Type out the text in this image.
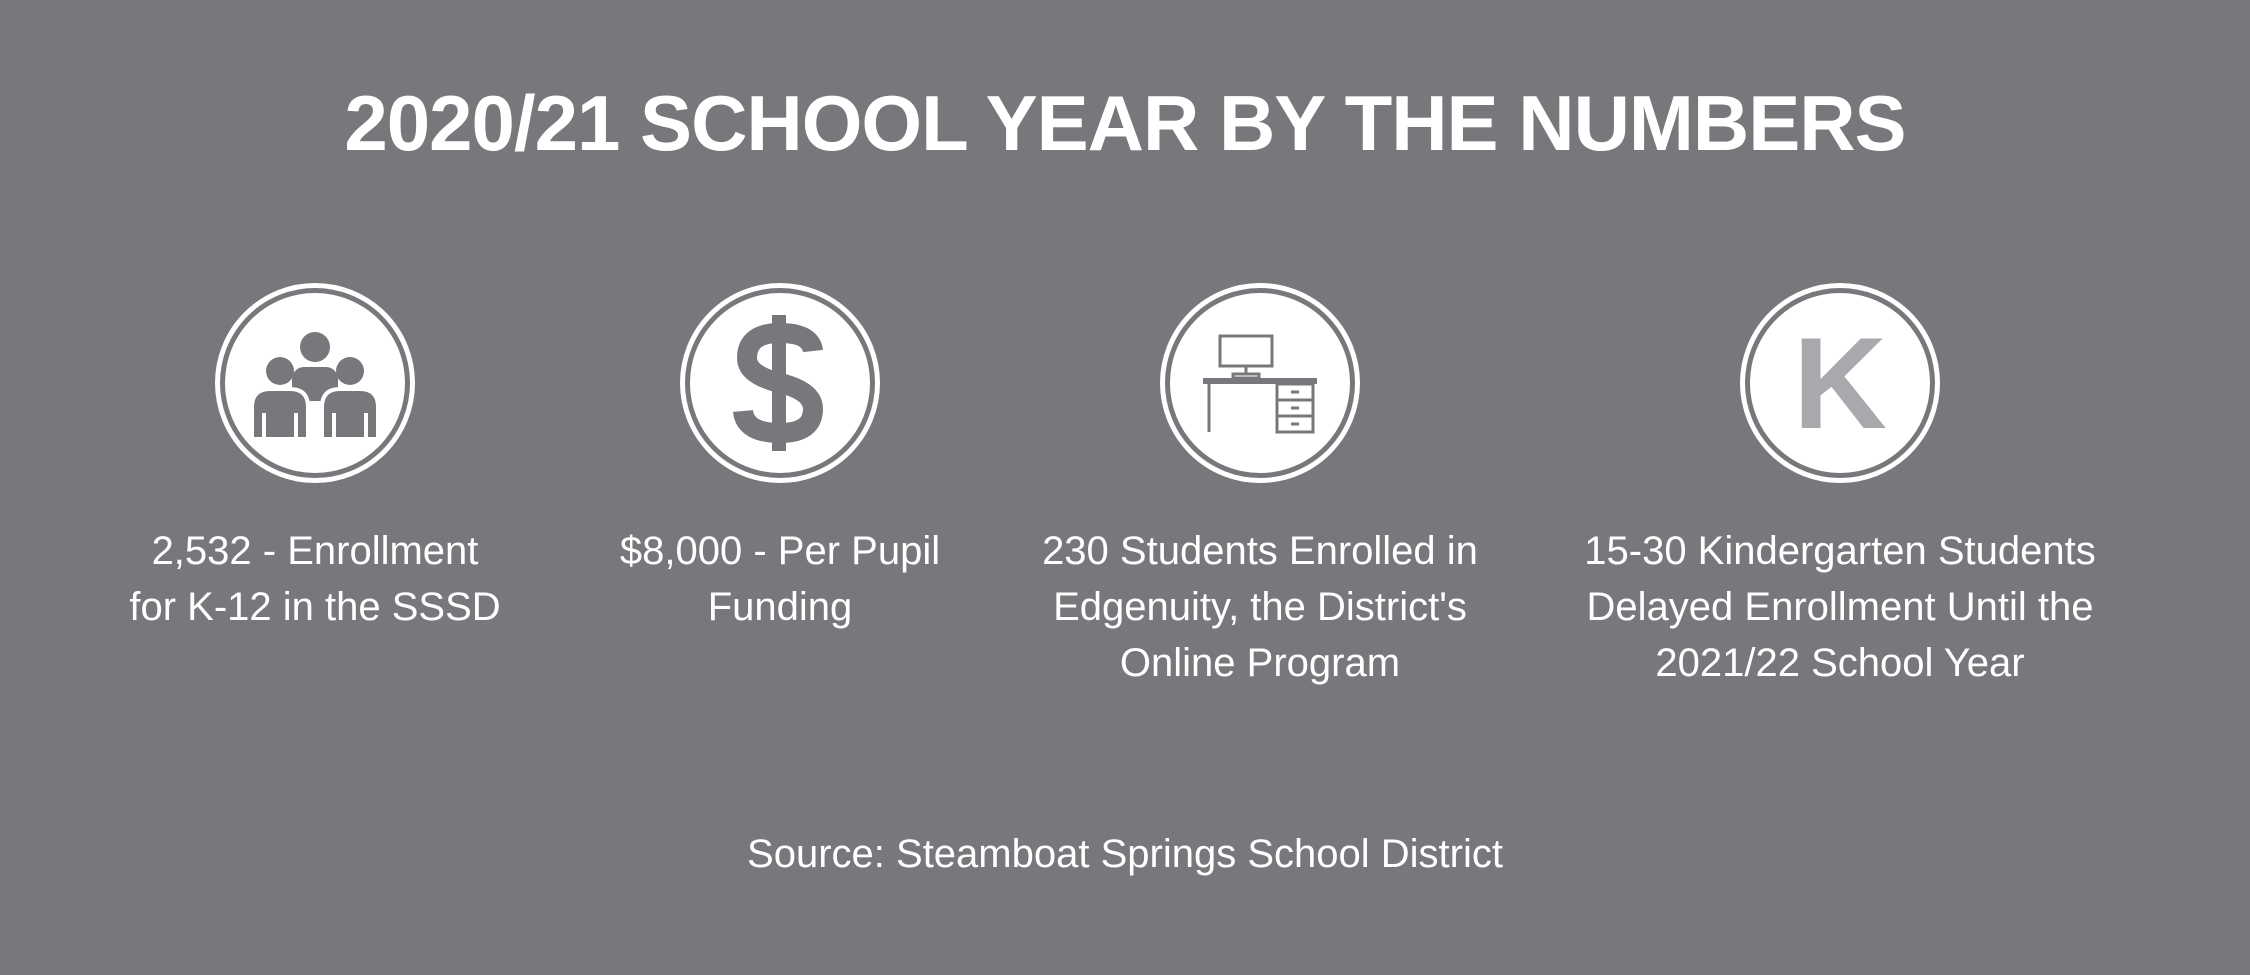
2020/21 SCHOOL YEAR BY THE NUMBERS
2,532 - Enrollment
for K-12 in the SSSD
$8,000 - Per Pupil
Funding
230 Students Enrolled in
Edgenuity, the District's
Online Program
K
15-30 Kindergarten Students
Delayed Enrollment Until the
2021/22 School Year
Source: Steamboat Springs School District
